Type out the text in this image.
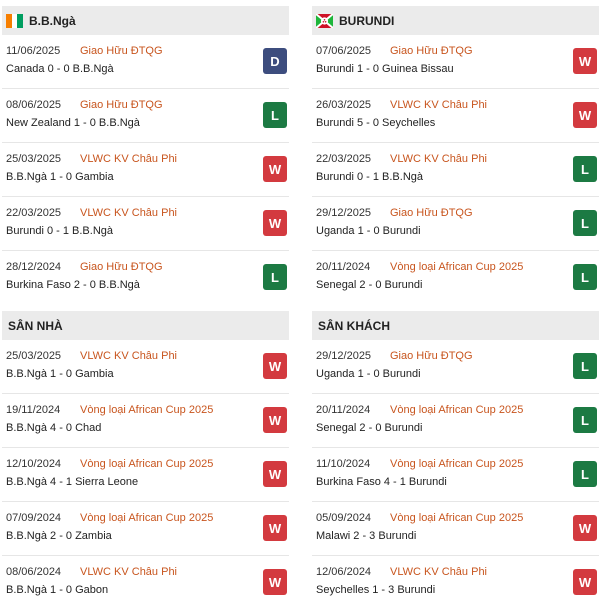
B.B.Ngà
11/06/2025 Giao Hữu ĐTQG
Canada 0 - 0 B.B.Ngà
D
08/06/2025 Giao Hữu ĐTQG
New Zealand 1 - 0 B.B.Ngà
L
25/03/2025 VLWC KV Châu Phi
B.B.Ngà 1 - 0 Gambia
W
22/03/2025 VLWC KV Châu Phi
Burundi 0 - 1 B.B.Ngà
W
28/12/2024 Giao Hữu ĐTQG
Burkina Faso 2 - 0 B.B.Ngà
L
SÂN NHÀ
25/03/2025 VLWC KV Châu Phi
B.B.Ngà 1 - 0 Gambia
W
19/11/2024 Vòng loại African Cup 2025
B.B.Ngà 4 - 0 Chad
W
12/10/2024 Vòng loại African Cup 2025
B.B.Ngà 4 - 1 Sierra Leone
W
07/09/2024 Vòng loại African Cup 2025
B.B.Ngà 2 - 0 Zambia
W
08/06/2024 VLWC KV Châu Phi
B.B.Ngà 1 - 0 Gabon
W
BURUNDI
07/06/2025 Giao Hữu ĐTQG
Burundi 1 - 0 Guinea Bissau
W
26/03/2025 VLWC KV Châu Phi
Burundi 5 - 0 Seychelles
W
22/03/2025 VLWC KV Châu Phi
Burundi 0 - 1 B.B.Ngà
L
29/12/2025 Giao Hữu ĐTQG
Uganda 1 - 0 Burundi
L
20/11/2024 Vòng loại African Cup 2025
Senegal 2 - 0 Burundi
L
SÂN KHÁCH
29/12/2025 Giao Hữu ĐTQG
Uganda 1 - 0 Burundi
L
20/11/2024 Vòng loại African Cup 2025
Senegal 2 - 0 Burundi
L
11/10/2024 Vòng loại African Cup 2025
Burkina Faso 4 - 1 Burundi
L
05/09/2024 Vòng loại African Cup 2025
Malawi 2 - 3 Burundi
W
12/06/2024 VLWC KV Châu Phi
Seychelles 1 - 3 Burundi
W
